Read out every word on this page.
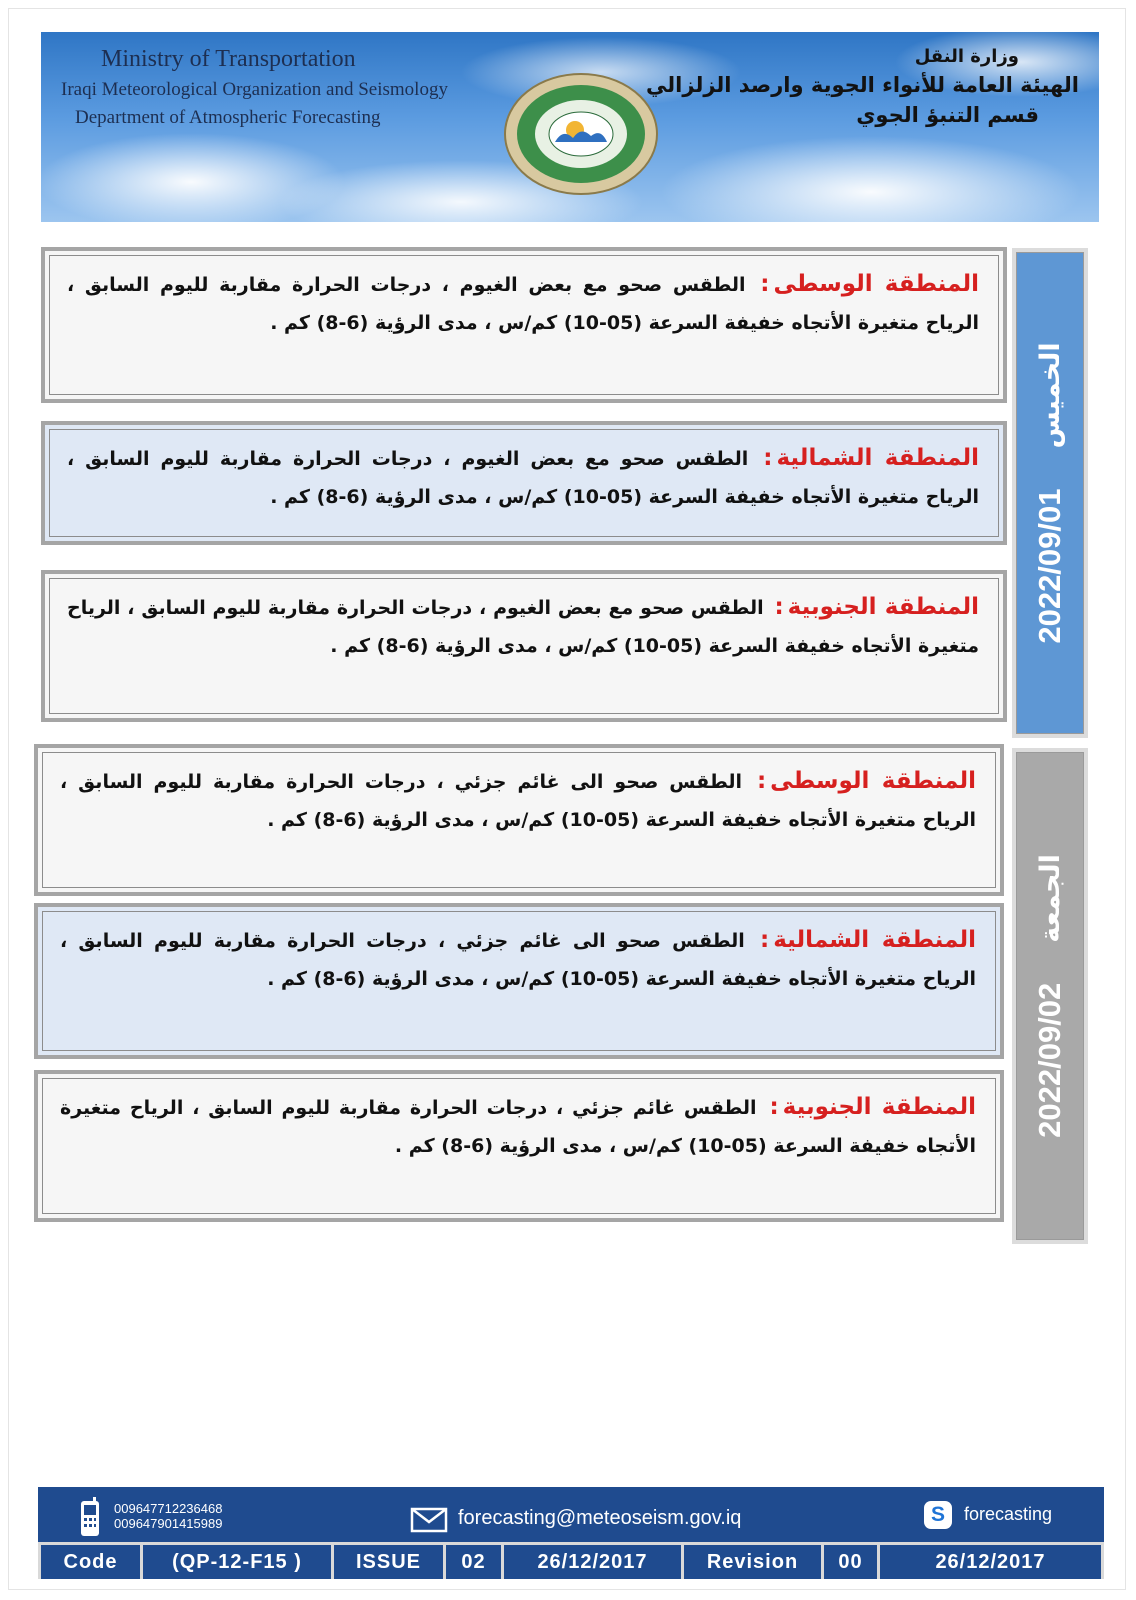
Ministry of Transportation
Iraqi Meteorological Organization and Seismology
Department of Atmospheric Forecasting
وزارة النقل
الهيئة العامة للأنواء الجوية وارصد الزلزالي
قسم التنبؤ الجوي
المنطقة الوسطى: الطقس صحو مع بعض الغيوم ، درجات الحرارة مقاربة لليوم السابق ، الرياح متغيرة الأتجاه خفيفة السرعة (05-10) كم/س ، مدى الرؤية (6-8) كم .
المنطقة الشمالية: الطقس صحو مع بعض الغيوم ، درجات الحرارة مقاربة لليوم السابق ، الرياح متغيرة الأتجاه خفيفة السرعة (05-10) كم/س ، مدى الرؤية (6-8) كم .
المنطقة الجنوبية: الطقس صحو مع بعض الغيوم ، درجات الحرارة مقاربة لليوم السابق ، الرياح متغيرة الأتجاه خفيفة السرعة (05-10) كم/س ، مدى الرؤية (6-8) كم .
2022/09/01
الخميس
المنطقة الوسطى: الطقس صحو الى غائم جزئي ، درجات الحرارة مقاربة لليوم السابق ، الرياح متغيرة الأتجاه خفيفة السرعة (05-10) كم/س ، مدى الرؤية (6-8) كم .
المنطقة الشمالية: الطقس صحو الى غائم جزئي ، درجات الحرارة مقاربة لليوم السابق ، الرياح متغيرة الأتجاه خفيفة السرعة (05-10) كم/س ، مدى الرؤية (6-8) كم .
المنطقة الجنوبية: الطقس غائم جزئي ، درجات الحرارة مقاربة لليوم السابق ، الرياح متغيرة الأتجاه خفيفة السرعة (05-10) كم/س ، مدى الرؤية (6-8) كم .
2022/09/02
الجمعة
009647712236468
009647901415989	forecasting@meteoseism.gov.iq	S	forecasting
Code	(QP-12-F15 )	ISSUE	02	26/12/2017	Revision	00	26/12/2017
